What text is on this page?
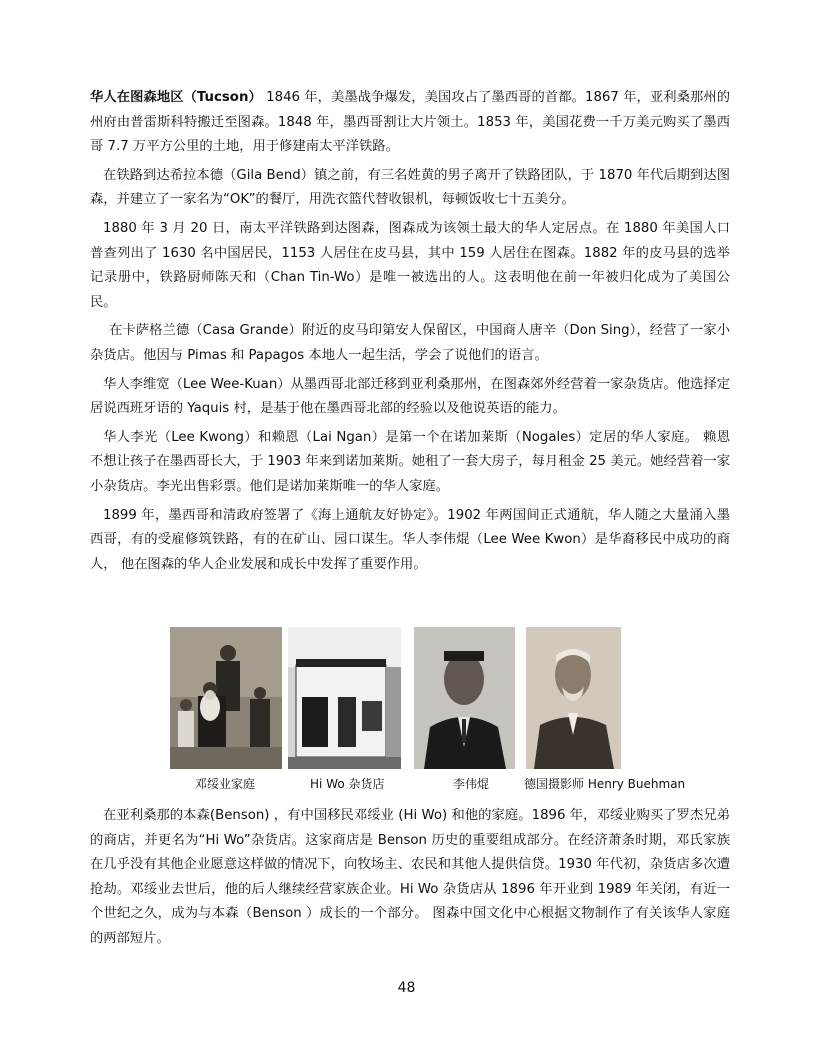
华人在图森地区（Tucson） 1846 年，美墨战争爆发，美国攻占了墨西哥的首都。1867 年，亚利桑那州的州府由普雷斯科特搬迁至图森。1848 年，墨西哥割让大片领土。1853 年，美国花费一千万美元购买了墨西哥 7.7 万平方公里的土地，用于修建南太平洋铁路。

在铁路到达希拉本德（Gila Bend）镇之前，有三名姓黄的男子离开了铁路团队，于 1870 年代后期到达图森，并建立了一家名为“OK”的餐厅，用洗衣篮代替收银机，每顿饭收七十五美分。

1880 年 3 月 20 日，南太平洋铁路到达图森，图森成为该领土最大的华人定居点。在 1880 年美国人口普查列出了 1630 名中国居民，1153 人居住在皮马县，其中 159 人居住在图森。1882 年的皮马县的选举记录册中，铁路厨师陈天和（Chan Tin-Wo）是唯一被选出的人。这表明他在前一年被归化成为了美国公民。

在卡萨格兰德（Casa Grande）附近的皮马印第安人保留区，中国商人唐辛（Don Sing），经营了一家小杂货店。他因与 Pimas 和 Papagos 本地人一起生活，学会了说他们的语言。

华人李维宽（Lee Wee-Kuan）从墨西哥北部迁移到亚利桑那州，在图森郊外经营着一家杂货店。他选择定居说西班牙语的 Yaquis 村，是基于他在墨西哥北部的经验以及他说英语的能力。

华人李光（Lee Kwong）和赖恩（Lai Ngan）是第一个在诺加莱斯（Nogales）定居的华人家庭。 赖恩不想让孩子在墨西哥长大，于 1903 年来到诺加莱斯。她租了一套大房子，每月租金 25 美元。她经营着一家小杂货店。李光出售彩票。他们是诺加莱斯唯一的华人家庭。

1899 年，墨西哥和清政府签署了《海上通航友好协定》。1902 年两国间正式通航，华人随之大量涌入墨西哥，有的受雇修筑铁路，有的在矿山、园口谋生。华人李伟焜（Lee Wee Kwon）是华裔移民中成功的商人， 他在图森的华人企业发展和成长中发挥了重要作用。

邓绥业家庭	Hi Wo 杂货店	李伟焜	德国摄影师 Henry Buehman

在亚利桑那的本森(Benson) ，有中国移民邓绥业 (Hi Wo) 和他的家庭。1896 年，邓绥业购买了罗杰兄弟的商店，并更名为“Hi Wo”杂货店。这家商店是 Benson 历史的重要组成部分。在经济萧条时期，邓氏家族在几乎没有其他企业愿意这样做的情况下，向牧场主、农民和其他人提供信贷。1930 年代初，杂货店多次遭抢劫。邓绥业去世后，他的后人继续经营家族企业。Hi Wo 杂货店从 1896 年开业到 1989 年关闭，有近一个世纪之久，成为与本森（Benson ）成长的一个部分。 图森中国文化中心根据文物制作了有关该华人家庭的两部短片。

48
